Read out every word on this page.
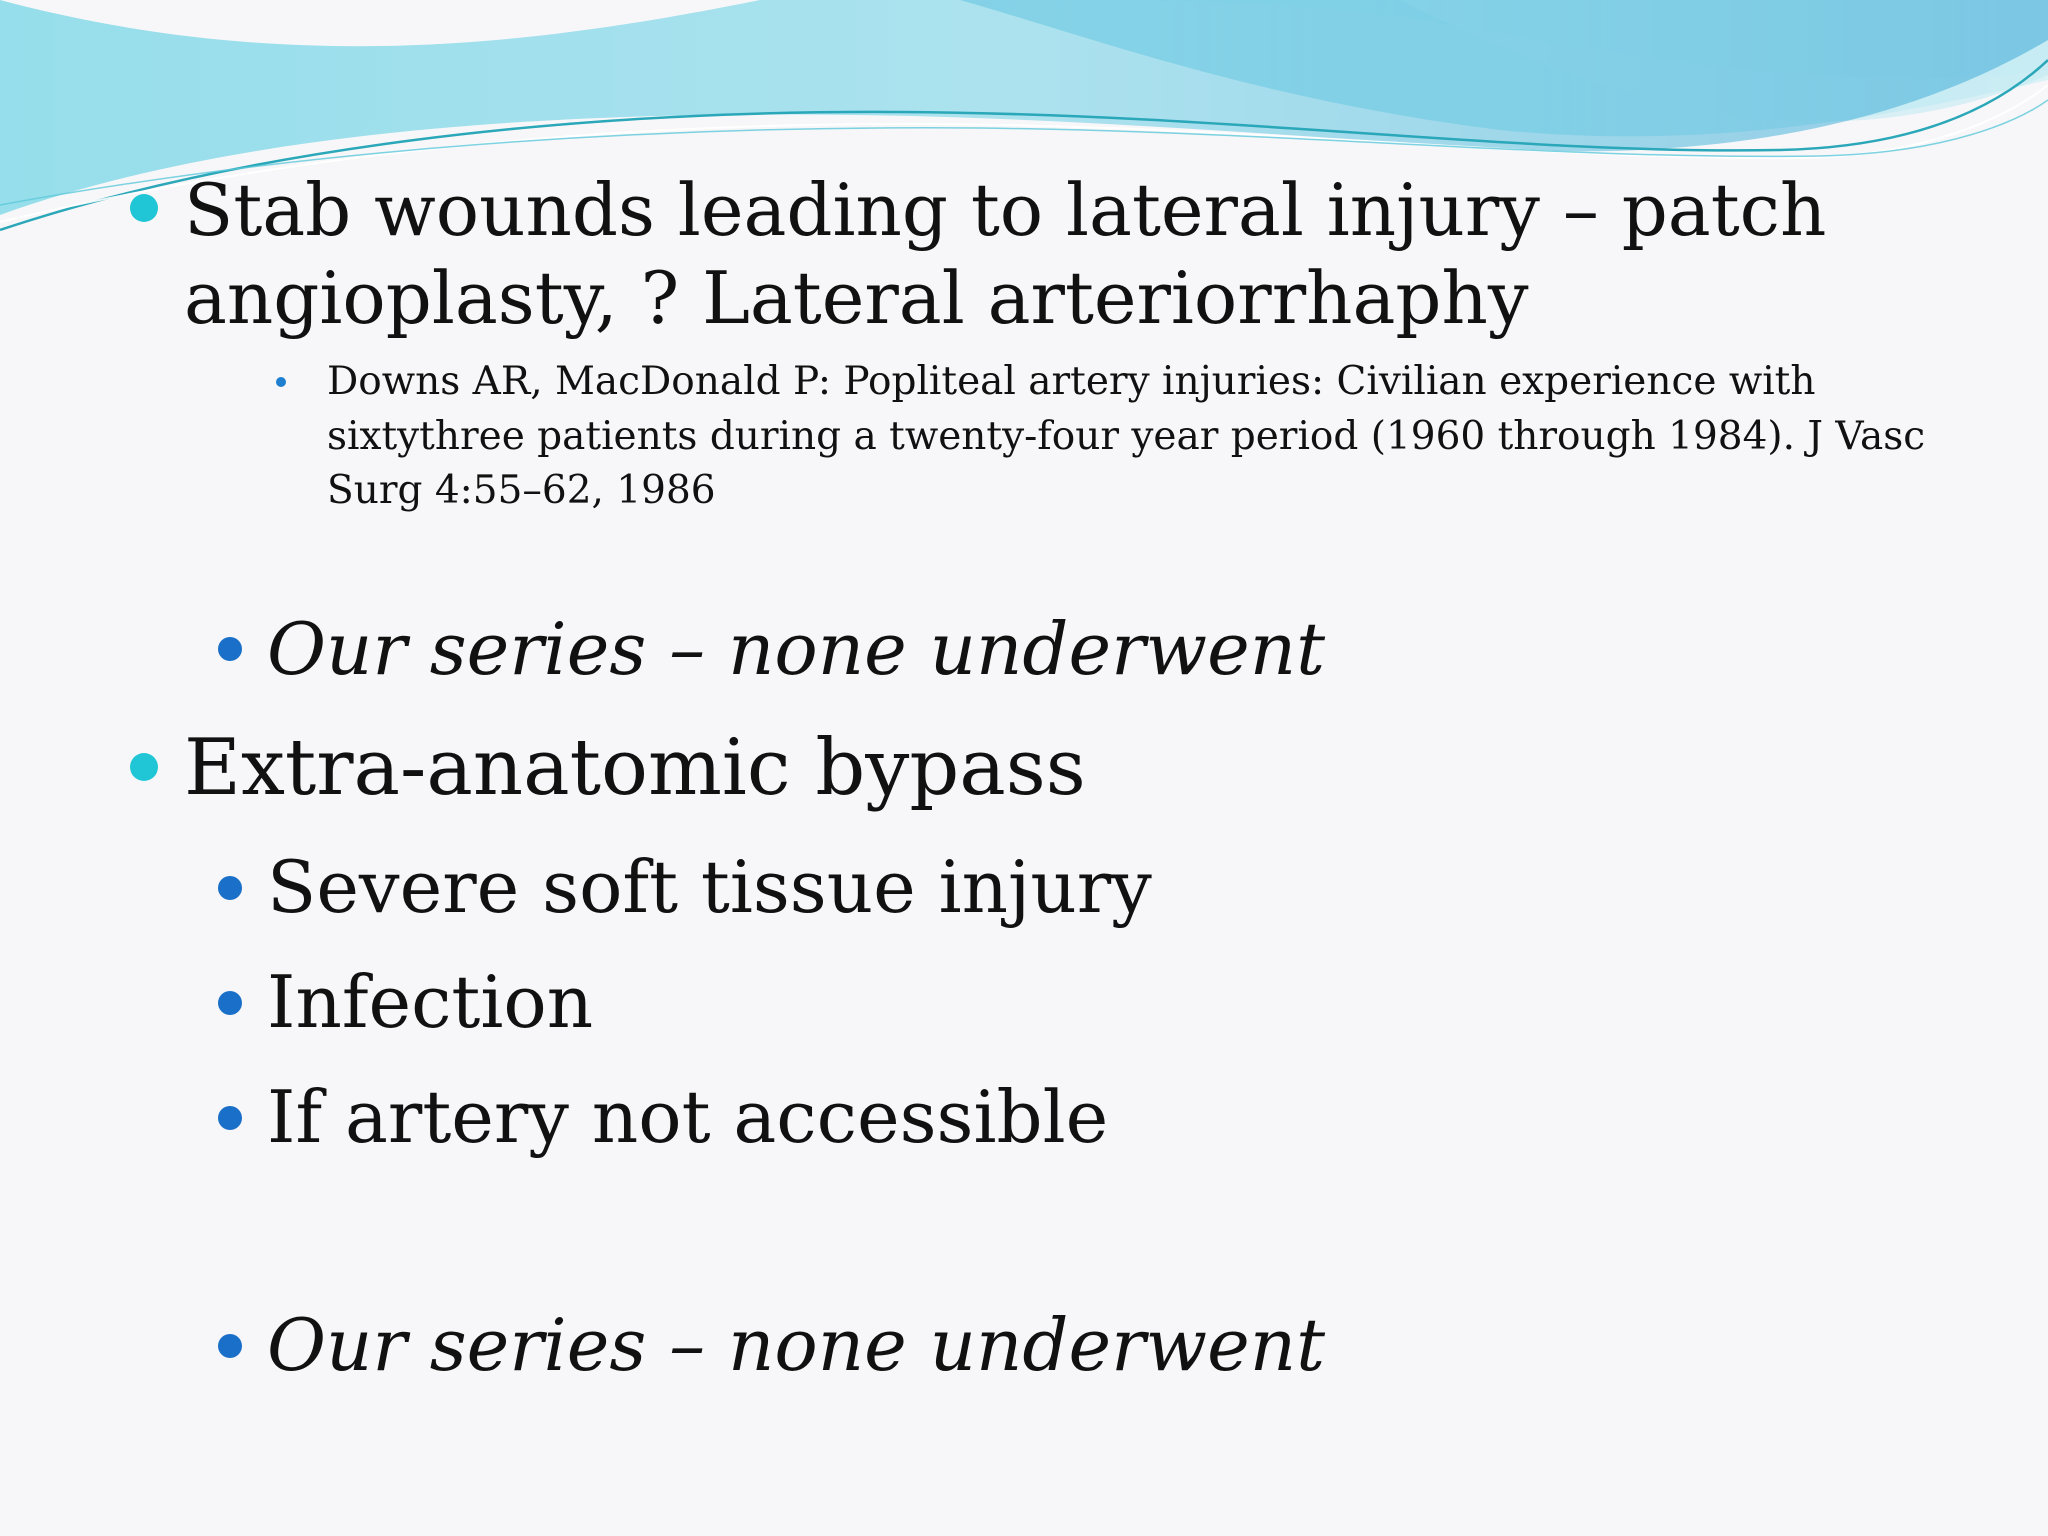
Stab wounds leading to lateral injury – patch
angioplasty, ? Lateral arteriorrhaphy
Downs AR, MacDonald P: Popliteal artery injuries: Civilian experience with
sixtythree patients during a twenty-four year period (1960 through 1984). J Vasc
Surg 4:55–62, 1986
Our series – none underwent
Extra-anatomic bypass
Severe soft tissue injury
Infection
If artery not accessible
Our series – none underwent
